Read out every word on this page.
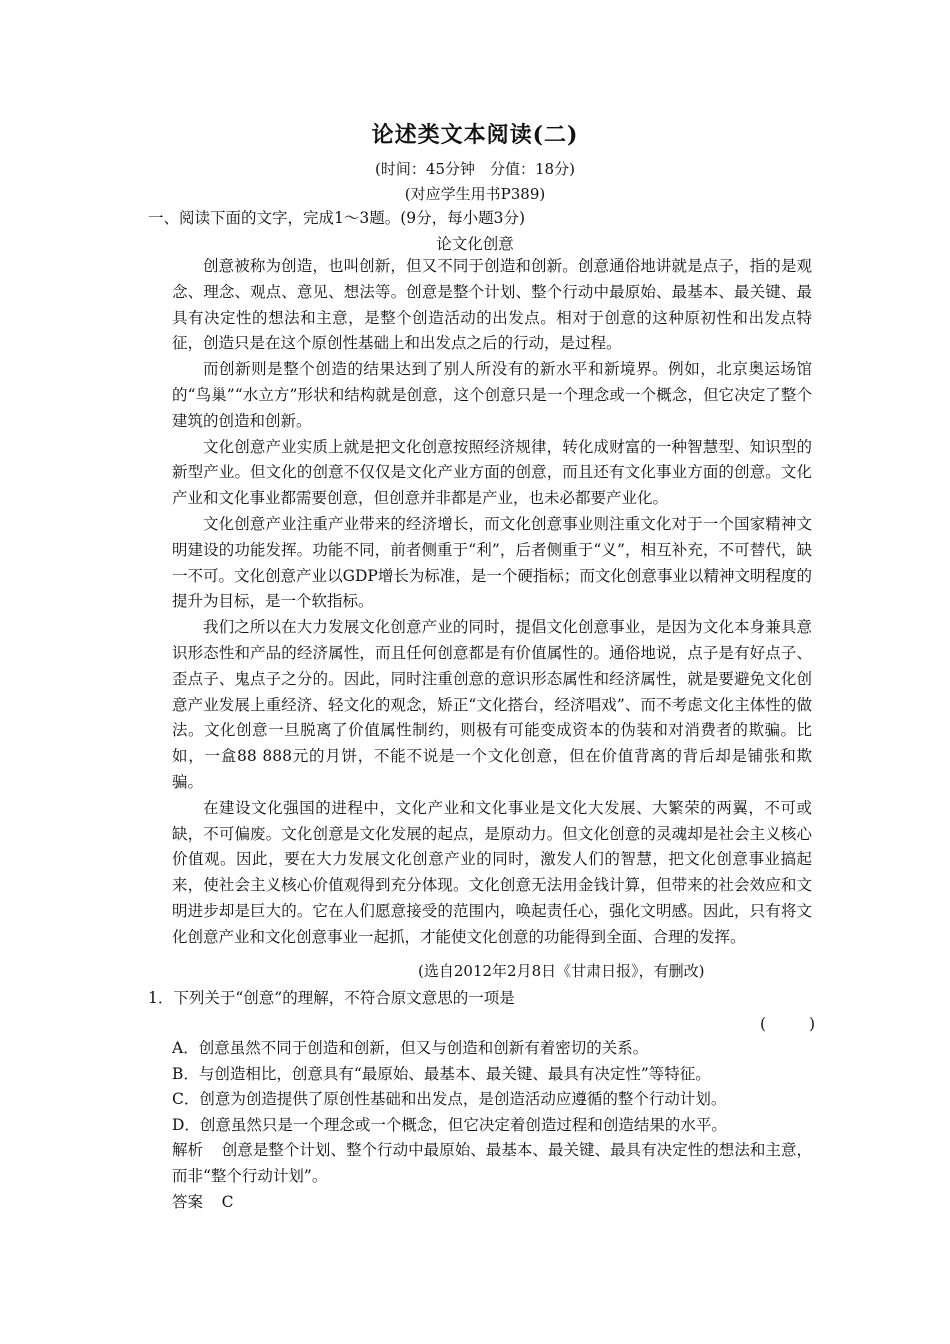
论述类文本阅读(二)
(时间：45分钟　分值：18分)
(对应学生用书P389)
一、阅读下面的文字，完成1～3题。(9分，每小题3分)
论文化创意

创意被称为创造，也叫创新，但又不同于创造和创新。创意通俗地讲就是点子，指的是观念、理念、观点、意见、想法等。创意是整个计划、整个行动中最原始、最基本、最关键、最具有决定性的想法和主意，是整个创造活动的出发点。相对于创意的这种原初性和出发点特征，创造只是在这个原创性基础上和出发点之后的行动，是过程。

而创新则是整个创造的结果达到了别人所没有的新水平和新境界。例如，北京奥运场馆的“鸟巢”“水立方”形状和结构就是创意，这个创意只是一个理念或一个概念，但它决定了整个建筑的创造和创新。

文化创意产业实质上就是把文化创意按照经济规律，转化成财富的一种智慧型、知识型的新型产业。但文化的创意不仅仅是文化产业方面的创意，而且还有文化事业方面的创意。文化产业和文化事业都需要创意，但创意并非都是产业，也未必都要产业化。

文化创意产业注重产业带来的经济增长，而文化创意事业则注重文化对于一个国家精神文明建设的功能发挥。功能不同，前者侧重于“利”，后者侧重于“义”，相互补充，不可替代，缺一不可。文化创意产业以GDP增长为标准，是一个硬指标；而文化创意事业以精神文明程度的提升为目标，是一个软指标。

我们之所以在大力发展文化创意产业的同时，提倡文化创意事业，是因为文化本身兼具意识形态性和产品的经济属性，而且任何创意都是有价值属性的。通俗地说，点子是有好点子、歪点子、鬼点子之分的。因此，同时注重创意的意识形态属性和经济属性，就是要避免文化创意产业发展上重经济、轻文化的观念，矫正“文化搭台，经济唱戏”、而不考虑文化主体性的做法。文化创意一旦脱离了价值属性制约，则极有可能变成资本的伪装和对消费者的欺骗。比如，一盒88 888元的月饼，不能不说是一个文化创意，但在价值背离的背后却是铺张和欺骗。

在建设文化强国的进程中，文化产业和文化事业是文化大发展、大繁荣的两翼，不可或缺，不可偏废。文化创意是文化发展的起点，是原动力。但文化创意的灵魂却是社会主义核心价值观。因此，要在大力发展文化创意产业的同时，激发人们的智慧，把文化创意事业搞起来，使社会主义核心价值观得到充分体现。文化创意无法用金钱计算，但带来的社会效应和文明进步却是巨大的。它在人们愿意接受的范围内，唤起责任心，强化文明感。因此，只有将文化创意产业和文化创意事业一起抓，才能使文化创意的功能得到全面、合理的发挥。

(选自2012年2月8日《甘肃日报》，有删改)
1．下列关于“创意”的理解，不符合原文意思的一项是
(　　)
A．创意虽然不同于创造和创新，但又与创造和创新有着密切的关系。
B．与创造相比，创意具有“最原始、最基本、最关键、最具有决定性”等特征。
C．创意为创造提供了原创性基础和出发点，是创造活动应遵循的整个行动计划。
D．创意虽然只是一个理念或一个概念，但它决定着创造过程和创造结果的水平。
解析 创意是整个计划、整个行动中最原始、最基本、最关键、最具有决定性的想法和主意，而非“整个行动计划”。
答案 C
